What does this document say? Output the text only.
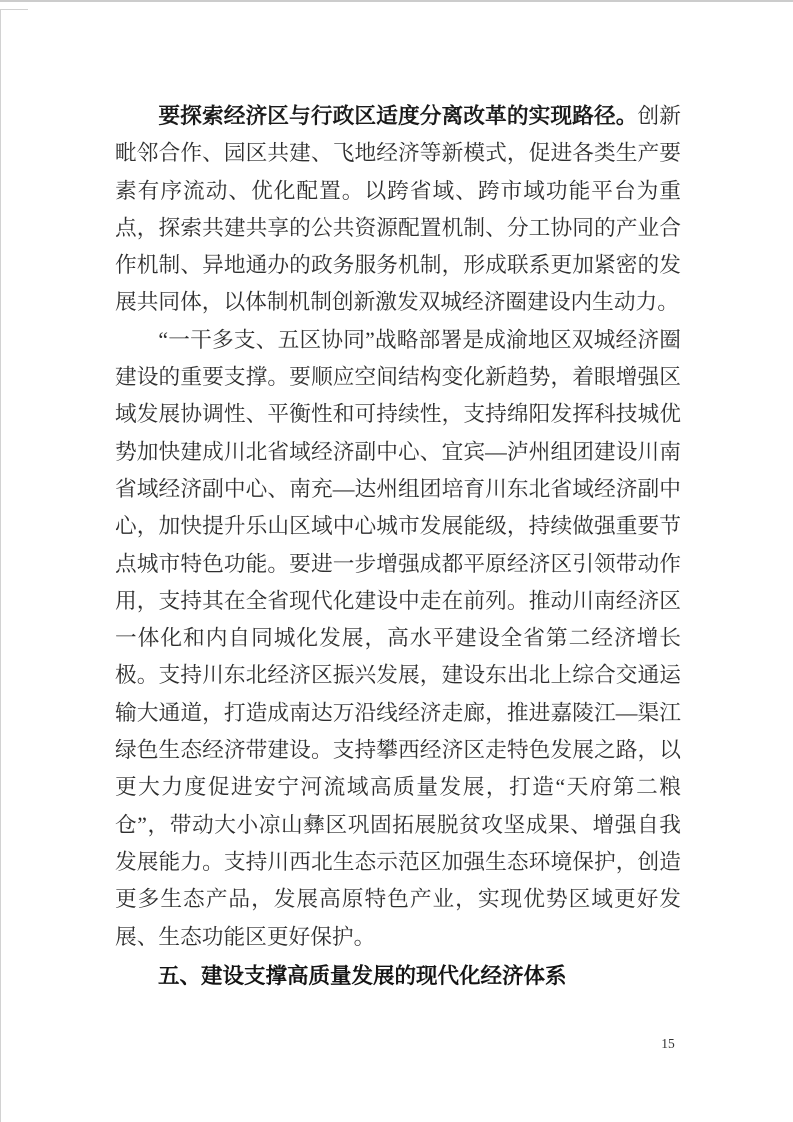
要探索经济区与行政区适度分离改革的实现路径。创新毗邻合作、园区共建、飞地经济等新模式，促进各类生产要素有序流动、优化配置。以跨省域、跨市域功能平台为重点，探索共建共享的公共资源配置机制、分工协同的产业合作机制、异地通办的政务服务机制，形成联系更加紧密的发展共同体，以体制机制创新激发双城经济圈建设内生动力。

“一干多支、五区协同”战略部署是成渝地区双城经济圈建设的重要支撑。要顺应空间结构变化新趋势，着眼增强区域发展协调性、平衡性和可持续性，支持绵阳发挥科技城优势加快建成川北省域经济副中心、宜宾—泸州组团建设川南省域经济副中心、南充—达州组团培育川东北省域经济副中心，加快提升乐山区域中心城市发展能级，持续做强重要节点城市特色功能。要进一步增强成都平原经济区引领带动作用，支持其在全省现代化建设中走在前列。推动川南经济区一体化和内自同城化发展，高水平建设全省第二经济增长极。支持川东北经济区振兴发展，建设东出北上综合交通运输大通道，打造成南达万沿线经济走廊，推进嘉陵江—渠江绿色生态经济带建设。支持攀西经济区走特色发展之路，以更大力度促进安宁河流域高质量发展，打造“天府第二粮仓”，带动大小凉山彝区巩固拓展脱贫攻坚成果、增强自我发展能力。支持川西北生态示范区加强生态环境保护，创造更多生态产品，发展高原特色产业，实现优势区域更好发展、生态功能区更好保护。

五、建设支撑高质量发展的现代化经济体系
15
